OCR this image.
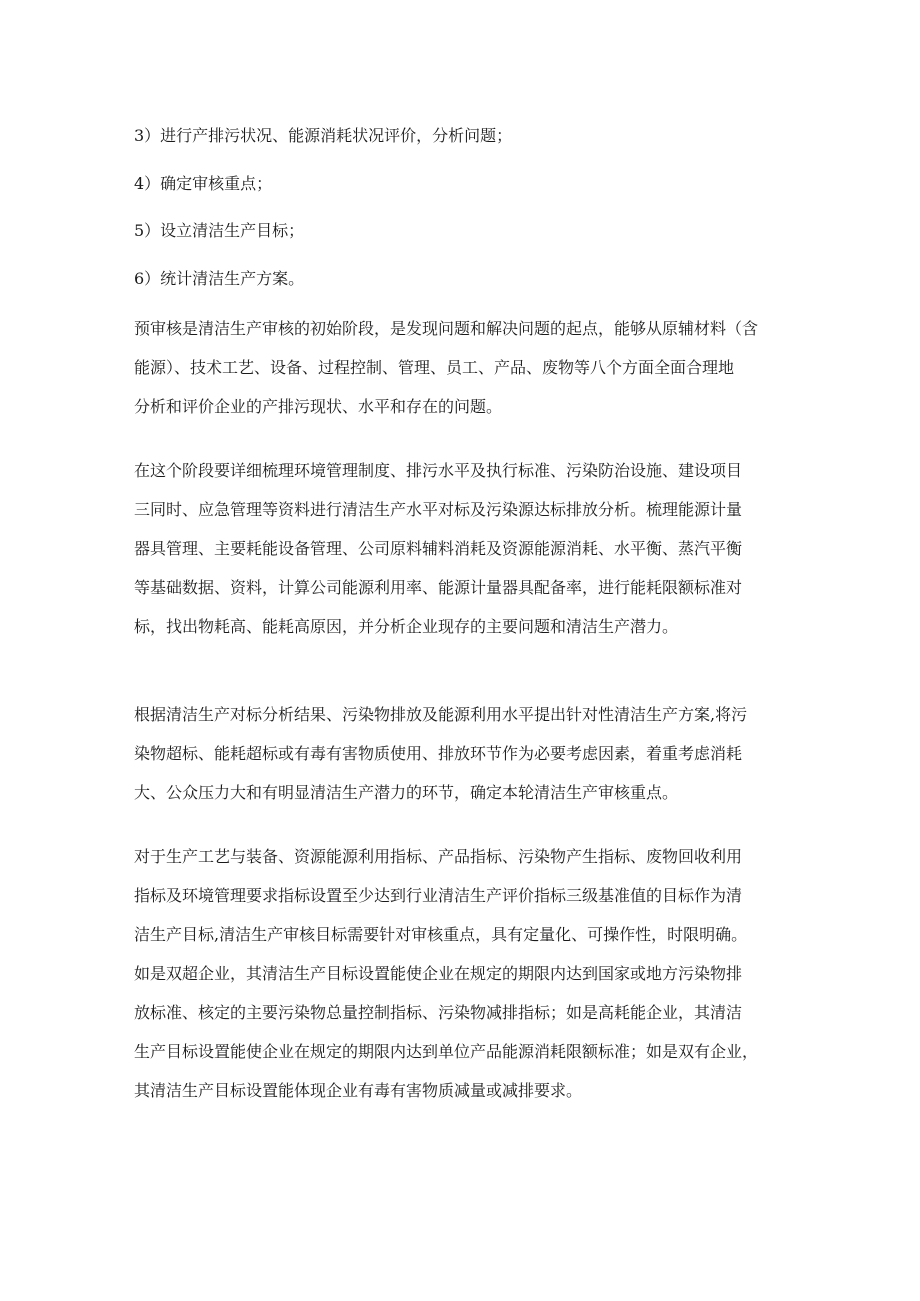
3）进行产排污状况、能源消耗状况评价，分析问题；
4）确定审核重点；
5）设立清洁生产目标；
6）统计清洁生产方案。
预审核是清洁生产审核的初始阶段，是发现问题和解决问题的起点，能够从原辅材料（含
能源）、技术工艺、设备、过程控制、管理、员工、产品、废物等八个方面全面合理地
分析和评价企业的产排污现状、水平和存在的问题。
在这个阶段要详细梳理环境管理制度、排污水平及执行标准、污染防治设施、建设项目
三同时、应急管理等资料进行清洁生产水平对标及污染源达标排放分析。梳理能源计量
器具管理、主要耗能设备管理、公司原料辅料消耗及资源能源消耗、水平衡、蒸汽平衡
等基础数据、资料，计算公司能源利用率、能源计量器具配备率，进行能耗限额标准对
标，找出物耗高、能耗高原因，并分析企业现存的主要问题和清洁生产潜力。
根据清洁生产对标分析结果、污染物排放及能源利用水平提出针对性清洁生产方案,将污
染物超标、能耗超标或有毒有害物质使用、排放环节作为必要考虑因素，着重考虑消耗
大、公众压力大和有明显清洁生产潜力的环节，确定本轮清洁生产审核重点。
对于生产工艺与装备、资源能源利用指标、产品指标、污染物产生指标、废物回收利用
指标及环境管理要求指标设置至少达到行业清洁生产评价指标三级基准值的目标作为清
洁生产目标,清洁生产审核目标需要针对审核重点，具有定量化、可操作性，时限明确。
如是双超企业，其清洁生产目标设置能使企业在规定的期限内达到国家或地方污染物排
放标准、核定的主要污染物总量控制指标、污染物减排指标；如是高耗能企业，其清洁
生产目标设置能使企业在规定的期限内达到单位产品能源消耗限额标准；如是双有企业，
其清洁生产目标设置能体现企业有毒有害物质减量或减排要求。
